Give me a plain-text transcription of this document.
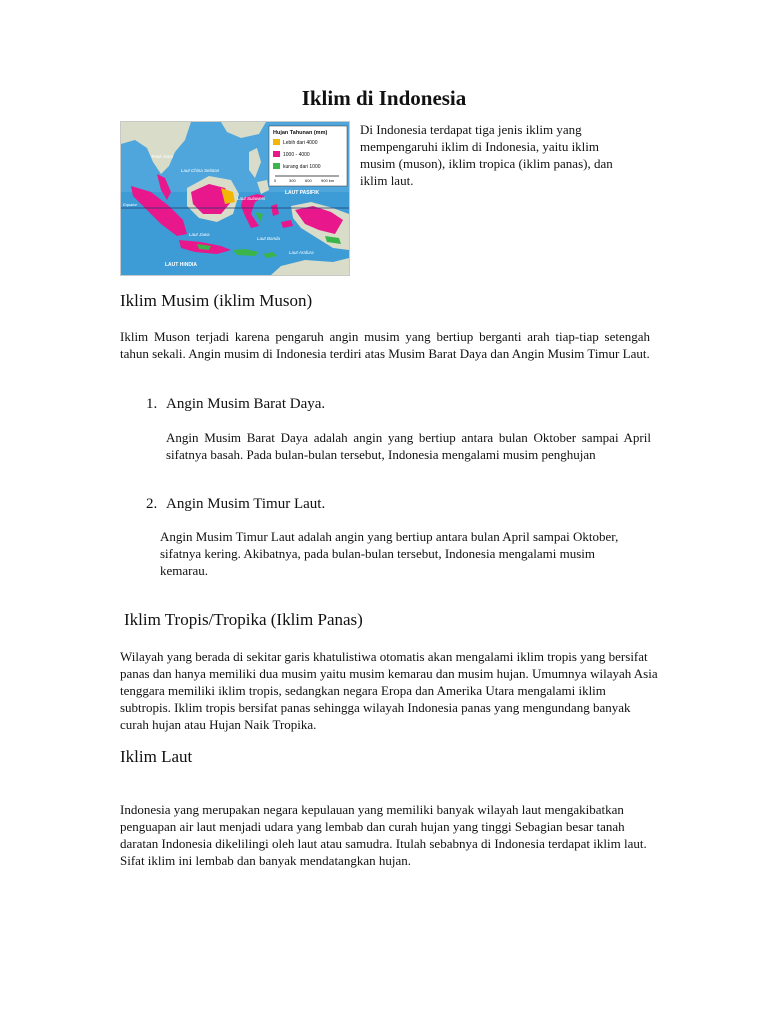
Iklim di Indonesia
Hujan Tahunan (mm)
Lebih dari 4000
1000 - 4000
kurang dari 1000
0	300 600 900 km
Teluk Siam
Laut China Selatan
LAUT PASIFIK
Equator
Laut Sulawesi
Laut Jawa
Laut Banda
Laut Arafura
LAUT HINDIA
Di Indonesia terdapat tiga jenis iklim yang mempengaruhi iklim di Indonesia, yaitu iklim musim (muson), iklim tropica (iklim panas), dan iklim laut.
Iklim Musim (iklim Muson)
Iklim Muson terjadi karena pengaruh angin musim yang bertiup berganti arah tiap-tiap setengah tahun sekali. Angin musim di Indonesia terdiri atas Musim Barat Daya dan Angin Musim Timur Laut.
1. Angin Musim Barat Daya.
Angin Musim Barat Daya adalah angin yang bertiup antara bulan Oktober sampai April sifatnya basah. Pada bulan-bulan tersebut, Indonesia mengalami musim penghujan
2. Angin Musim Timur Laut.
Angin Musim Timur Laut adalah angin yang bertiup antara bulan April sampai Oktober, sifatnya kering. Akibatnya, pada bulan-bulan tersebut, Indonesia mengalami musim kemarau.
Iklim Tropis/Tropika (Iklim Panas)
Wilayah yang berada di sekitar garis khatulistiwa otomatis akan mengalami iklim tropis yang bersifat panas dan hanya memiliki dua musim yaitu musim kemarau dan musim hujan. Umumnya wilayah Asia tenggara memiliki iklim tropis, sedangkan negara Eropa dan Amerika Utara mengalami iklim subtropis. Iklim tropis bersifat panas sehingga wilayah Indonesia panas yang mengundang banyak curah hujan atau Hujan Naik Tropika.
Iklim Laut
Indonesia yang merupakan negara kepulauan yang memiliki banyak wilayah laut mengakibatkan penguapan air laut menjadi udara yang lembab dan curah hujan yang tinggi Sebagian besar tanah daratan Indonesia dikelilingi oleh laut atau samudra. Itulah sebabnya di Indonesia terdapat iklim laut. Sifat iklim ini lembab dan banyak mendatangkan hujan.
